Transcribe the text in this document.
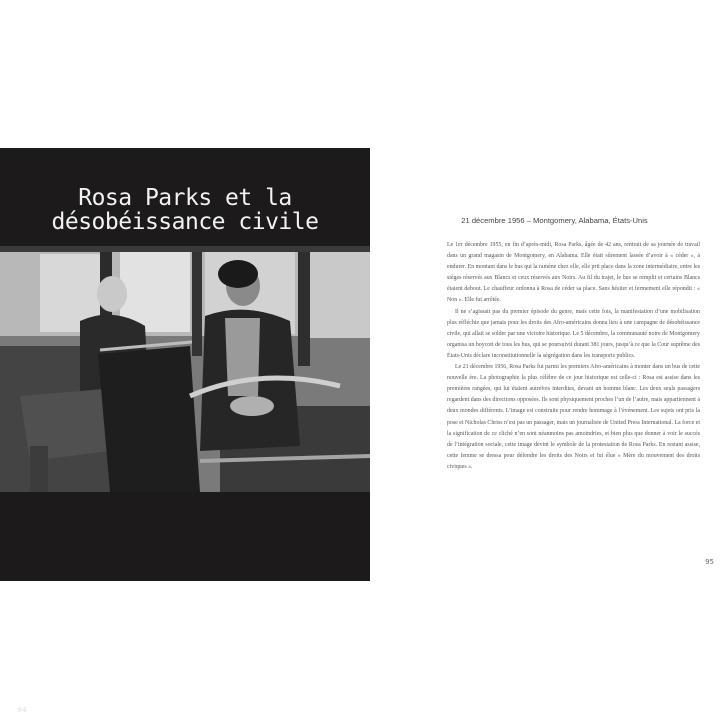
Rosa Parks et la
désobéissance civile
94
21 décembre 1956 – Montgomery, Alabama, États-Unis

Le 1er décembre 1955, en fin d’après-midi, Rosa Parks, âgée de 42 ans, rentrait de sa journée de travail dans un grand magasin de Montgomery, en Alabama. Elle était sûrement lassée d’avoir à « céder », à endurer. En montant dans le bus qui la ramène chez elle, elle prit place dans la zone intermédiaire, entre les sièges réservés aux Blancs et ceux réservés aux Noirs. Au fil du trajet, le bus se remplit et certains Blancs étaient debout. Le chauffeur ordonna à Rosa de céder sa place. Sans hésiter et fermement elle répondit : « Non ». Elle fut arrêtée.

Il ne s’agissait pas du premier épisode du genre, mais cette fois, la manifestation d’une mobilisation plus réfléchie que jamais pour les droits des Afro-américains donna lieu à une campagne de désobéissance civile, qui allait se solder par une victoire historique. Le 5 décembre, la communauté noire de Montgomery organisa un boycott de tous les bus, qui se poursuivit durant 381 jours, jusqu’à ce que la Cour suprême des États-Unis déclare inconstitutionnelle la ségrégation dans les transports publics.

Le 21 décembre 1956, Rosa Parks fut parmi les premiers Afro-américains à monter dans un bus de cette nouvelle ère. La photographie la plus célèbre de ce jour historique est celle-ci : Rosa est assise dans les premières rangées, qui lui étaient autrefois interdites, devant un homme blanc. Les deux seuls passagers regardent dans des directions opposées. Ils sont physiquement proches l’un de l’autre, mais appartiennent à deux mondes différents. L’image est construite pour rendre hommage à l’événement. Les sujets ont pris la pose et Nicholas Chriss n’est pas un passager, mais un journaliste de United Press International. La force et la signification de ce cliché n’en sont néanmoins pas amoindries, et bien plus que donner à voir le succès de l’intégration sociale, cette image devint le symbole de la protestation de Rosa Parks. En restant assise, cette femme se dressa pour défendre les droits des Noirs et fut élue « Mère du mouvement des droits civiques ».

95
